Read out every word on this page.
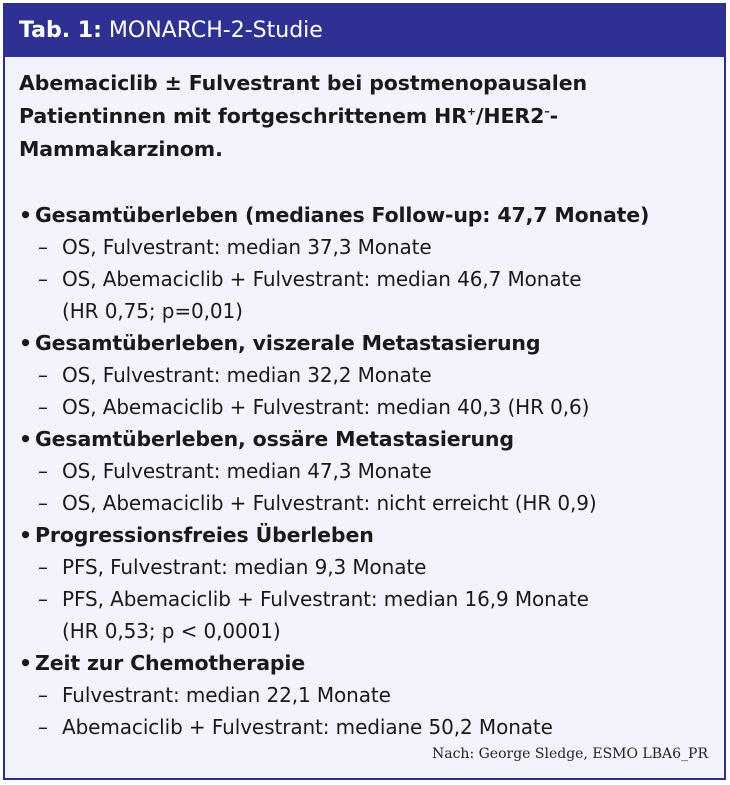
Tab. 1: MONARCH-2-Studie

Abemaciclib ± Fulvestrant bei postmenopausalen Patientinnen mit fortgeschrittenem HR+/HER2–-Mammakarzinom.

• Gesamtüberleben (medianes Follow-up: 47,7 Monate)
– OS, Fulvestrant: median 37,3 Monate
– OS, Abemaciclib + Fulvestrant: median 46,7 Monate
(HR 0,75; p=0,01)
• Gesamtüberleben, viszerale Metastasierung
– OS, Fulvestrant: median 32,2 Monate
– OS, Abemaciclib + Fulvestrant: median 40,3 (HR 0,6)
• Gesamtüberleben, ossäre Metastasierung
– OS, Fulvestrant: median 47,3 Monate
– OS, Abemaciclib + Fulvestrant: nicht erreicht (HR 0,9)
• Progressionsfreies Überleben
– PFS, Fulvestrant: median 9,3 Monate
– PFS, Abemaciclib + Fulvestrant: median 16,9 Monate
(HR 0,53; p < 0,0001)
• Zeit zur Chemotherapie
– Fulvestrant: median 22,1 Monate
– Abemaciclib + Fulvestrant: mediane 50,2 Monate
Nach: George Sledge, ESMO LBA6_PR
